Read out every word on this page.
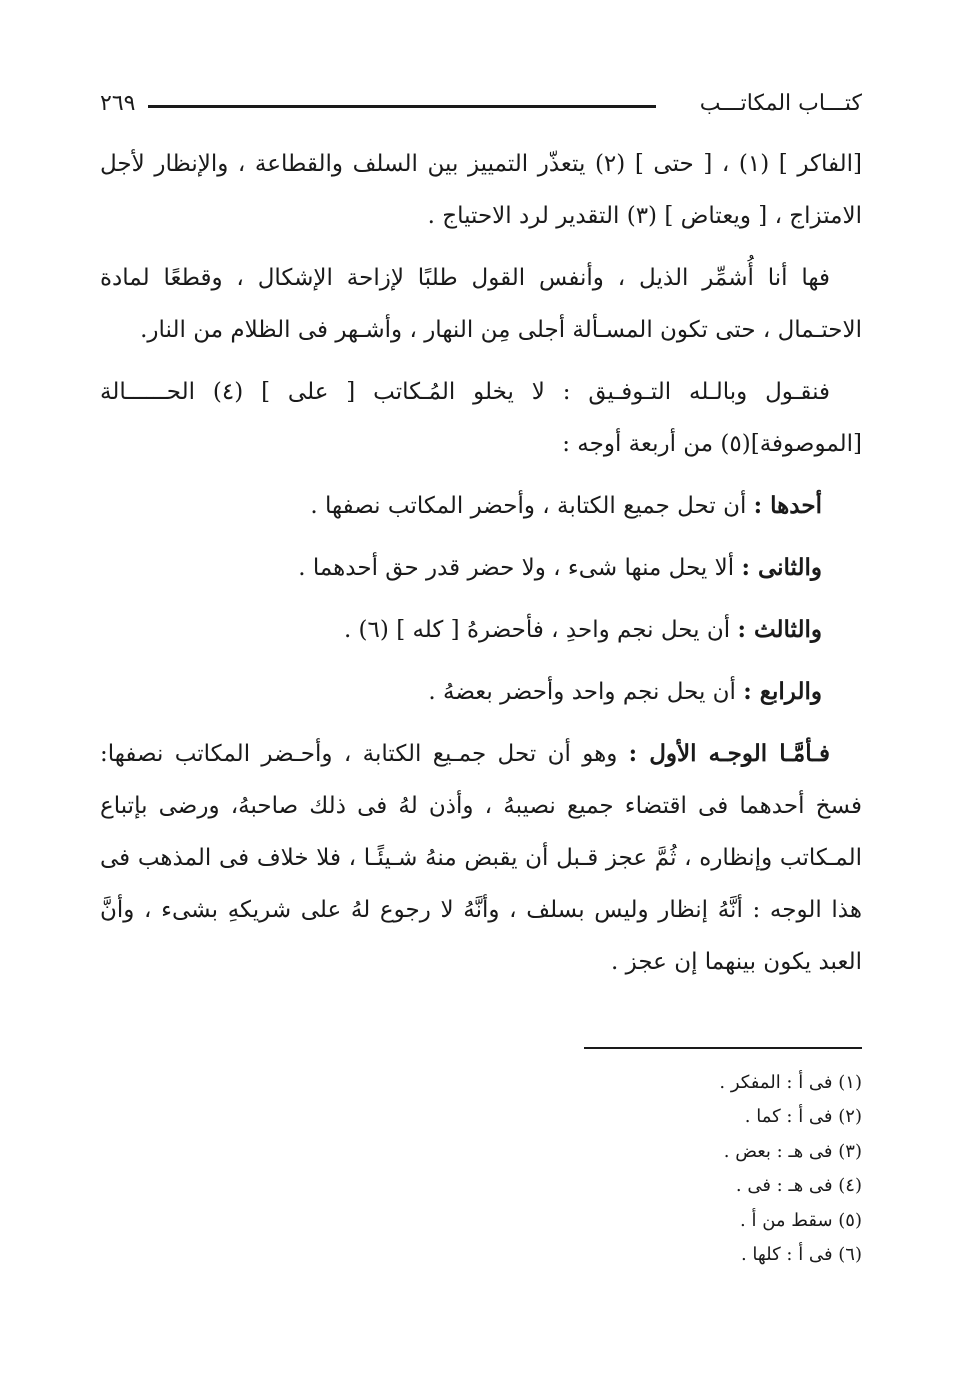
كتـــاب المكاتـــب
٢٦٩

[الفاكر ] (١) ، [ حتى ] (٢) يتعذّر التمييز بين السلف والقطاعة ، والإنظار لأجل الامتزاج ، [ ويعتاض ] (٣) التقدير لرد الاحتياج .

فها أنا أُشمِّر الذيل ، وأنفس القول طلبًا لإزاحة الإشكال ، وقطعًا لمادة الاحتـمال ، حتى تكون المسـألة أجلى مِن النهار ، وأشـهر فى الظلام من النار.

فنقـول وبالـله التـوفـيق : لا يخلو المُـكاتب [ على ] (٤) الحــــــالة [الموصوفة](٥) من أربعة أوجه :

أحدها : أن تحل جميع الكتابة ، وأحضر المكاتب نصفها .

والثانى : ألا يحل منها شىء ، ولا حضر قدر حق أحدهما .

والثالث : أن يحل نجم واحدِ ، فأحضرهُ [ كله ] (٦) .

والرابع : أن يحل نجم واحد وأحضر بعضهُ .

فـأمَّـا الوجـه الأول : وهو أن تحل جمـيع الكتابة ، وأحـضر المكاتب نصفها: فسخ أحدهما فى اقتضاء جميع نصيبهُ ، وأذن لهُ فى ذلك صاحبهُ، ورضى بإتباع المـكاتب وإنظاره ، ثُمَّ عجز قـبل أن يقبض منهُ شـيئًـا ، فلا خلاف فى المذهب فى هذا الوجه : أنَّهُ إنظار وليس بسلف ، وأنَّهُ لا رجوع لهُ على شريكهِ بشىء ، وأنَّ العبد يكون بينهما إن عجز .

(١) فى أ : المفكر .
(٢) فى أ : كما .
(٣) فى هـ : بعض .
(٤) فى هـ : فى .
(٥) سقط من أ .
(٦) فى أ : كلها .
